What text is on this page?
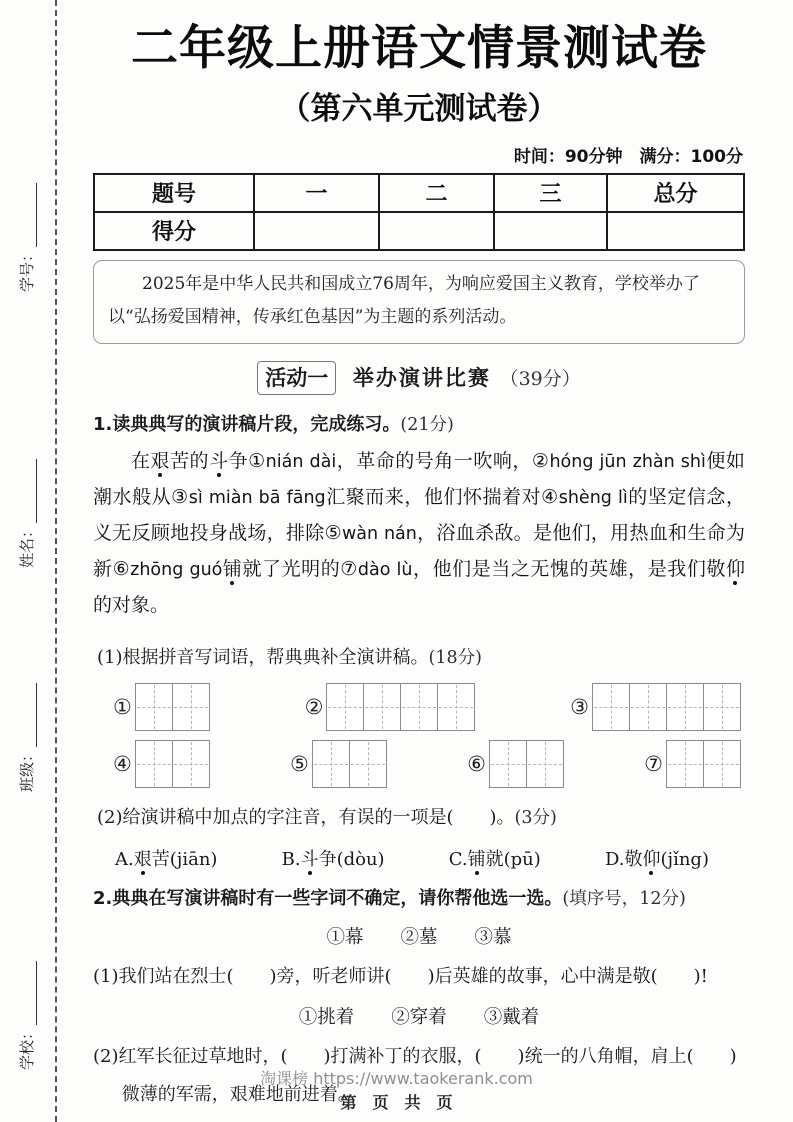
学号：
姓名：
班级：
学校：
二年级上册语文情景测试卷
（第六单元测试卷）
时间：90分钟　满分：100分
题号	一	二	三	总分
得分				
2025年是中华人民共和国成立76周年，为响应爱国主义教育，学校举办了以“弘扬爱国精神，传承红色基因”为主题的系列活动。
活动一 举办演讲比赛 （39分）
1.读典典写的演讲稿片段，完成练习。(21分)

在艰苦的斗争①nián dài，革命的号角一吹响，②hóng jūn zhàn shì便如潮水般从③sì miàn bā fāng汇聚而来，他们怀揣着对④shèng lì的坚定信念，义无反顾地投身战场，排除⑤wàn nán，浴血杀敌。是他们，用热血和生命为新⑥zhōng guó铺就了光明的⑦dào lù，他们是当之无愧的英雄，是我们敬仰的对象。

(1)根据拼音写词语，帮典典补全演讲稿。(18分)
①	②	③
④	⑤	⑥	⑦
(2)给演讲稿中加点的字注音，有误的一项是(　　)。(3分)
A.艰苦(jiān)	B.斗争(dòu)	C.铺就(pū)	D.敬仰(jǐng)
2.典典在写演讲稿时有一些字词不确定，请你帮他选一选。(填序号，12分)
①幕　　②墓　　③慕
(1)我们站在烈士(　　)旁，听老师讲(　　)后英雄的故事，心中满是敬(　　)!
①挑着　　②穿着　　③戴着
(2)红军长征过草地时，(　　)打满补丁的衣服，(　　)统一的八角帽，肩上(　　)微薄的军需，艰难地前进着。
淘课榜 https://www.taokerank.com
第　页　共　页
